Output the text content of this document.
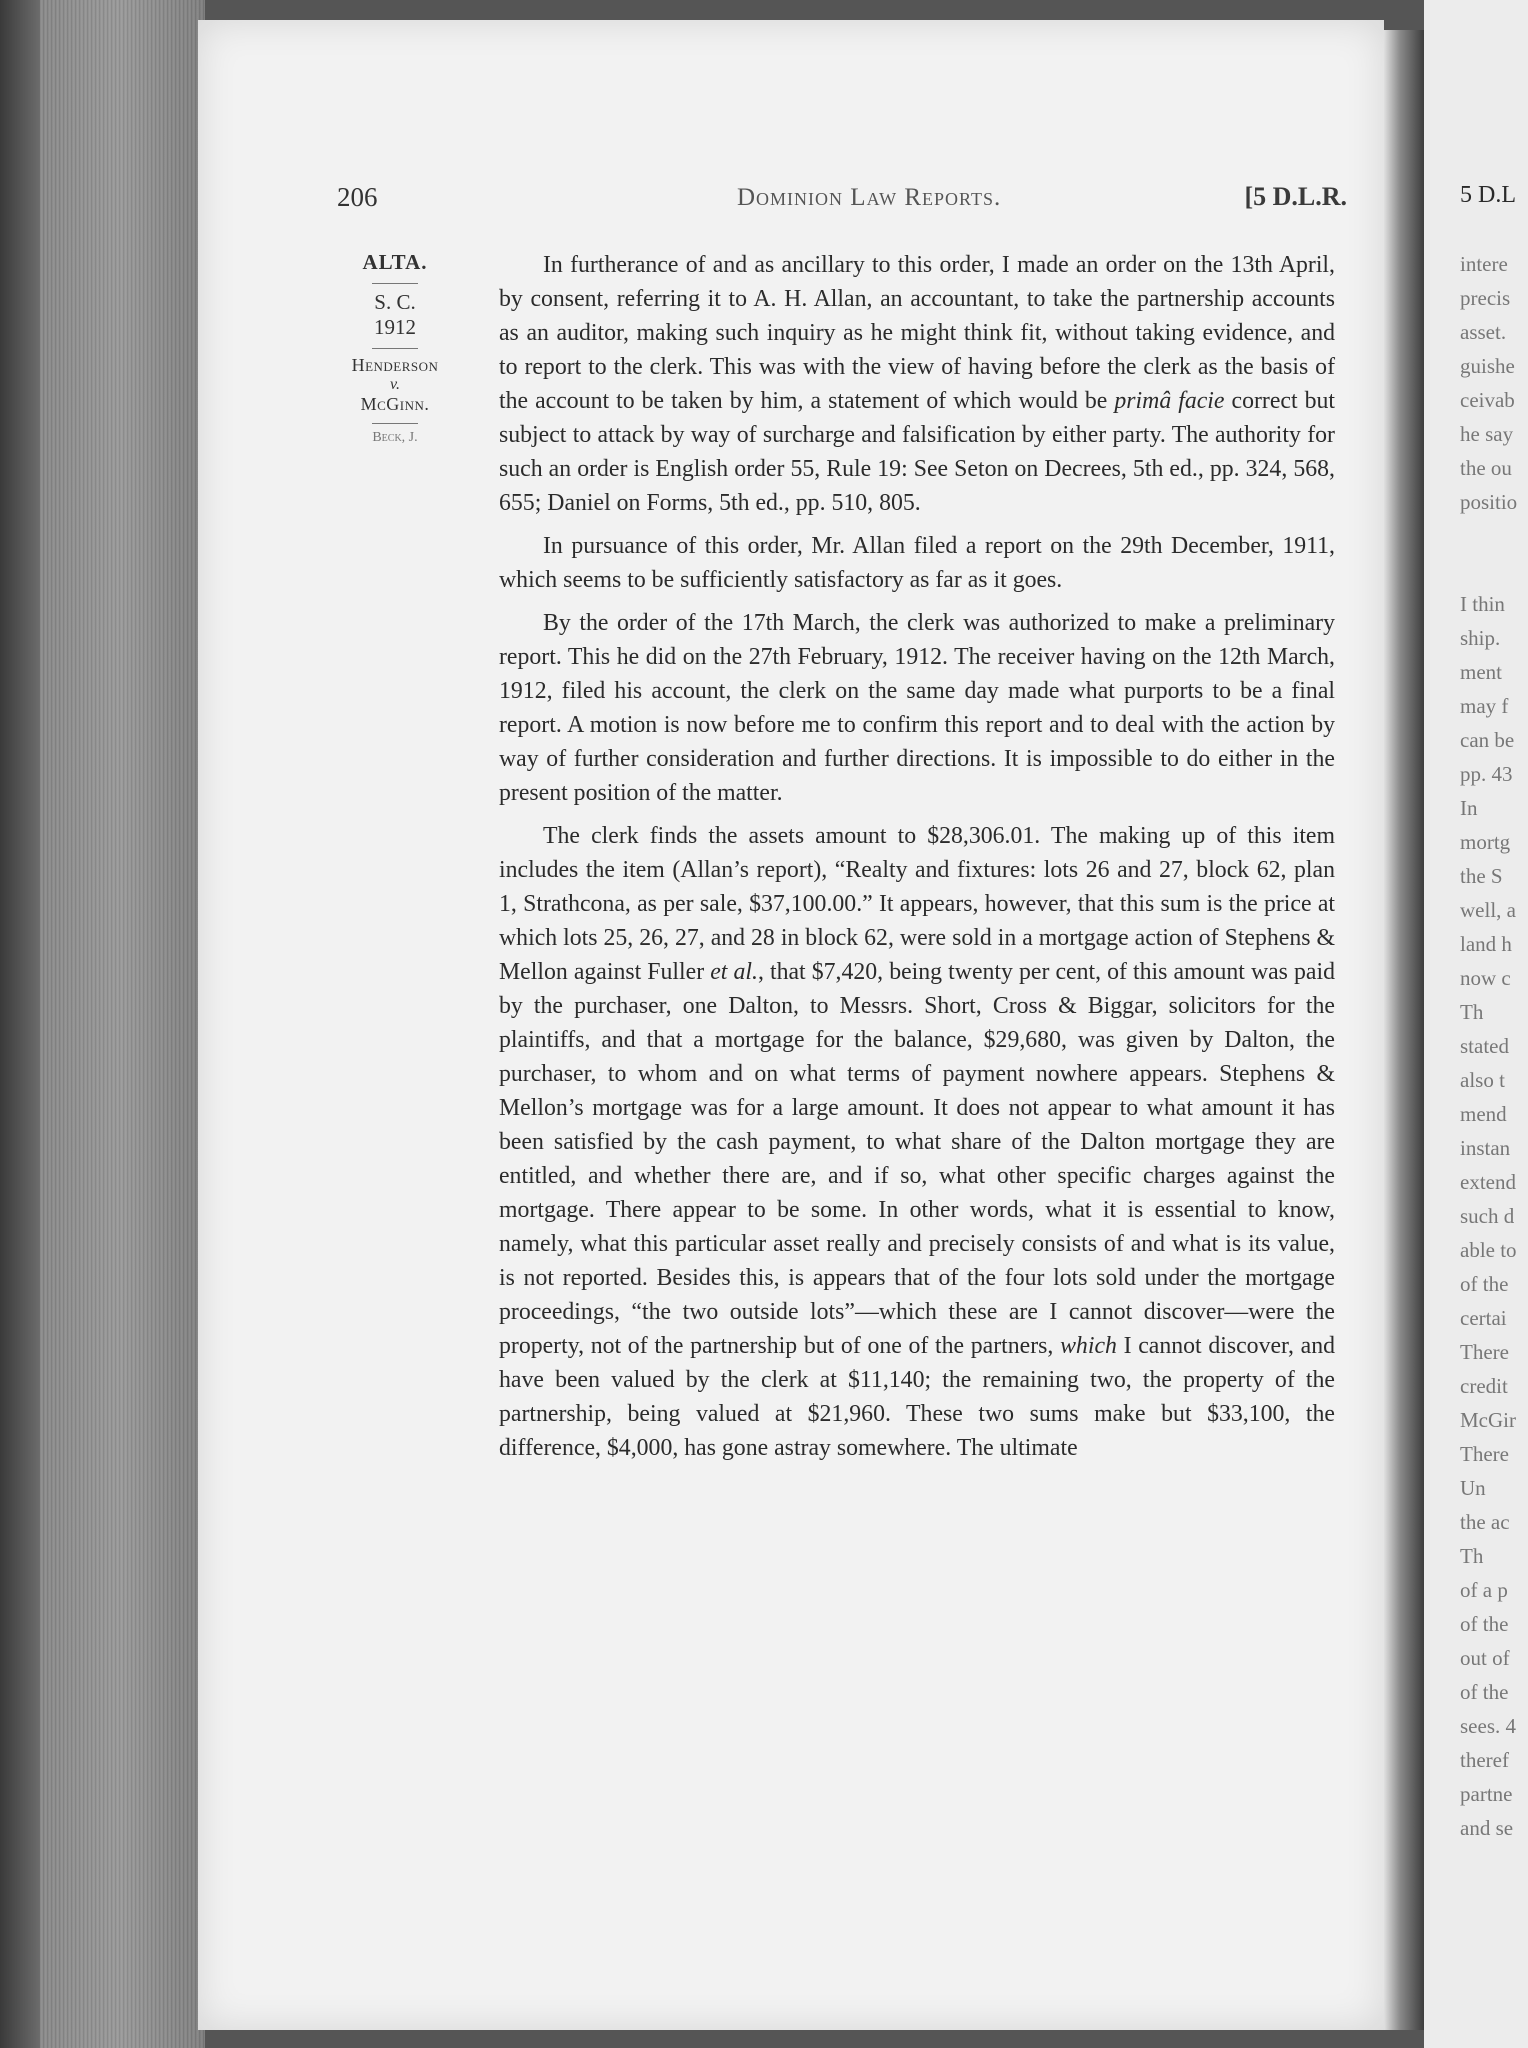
206	Dominion Law Reports.	[5 D.L.R.
ALTA.
S. C.
1912
Henderson
v.
McGinn.
Beck, J.

In furtherance of and as ancillary to this order, I made an order on the 13th April, by consent, referring it to A. H. Allan, an accountant, to take the partnership accounts as an auditor, making such inquiry as he might think fit, without taking evidence, and to report to the clerk. This was with the view of having before the clerk as the basis of the account to be taken by him, a statement of which would be primâ facie correct but subject to attack by way of surcharge and falsification by either party. The authority for such an order is English order 55, Rule 19: See Seton on Decrees, 5th ed., pp. 324, 568, 655; Daniel on Forms, 5th ed., pp. 510, 805.

In pursuance of this order, Mr. Allan filed a report on the 29th December, 1911, which seems to be sufficiently satisfactory as far as it goes.

By the order of the 17th March, the clerk was authorized to make a preliminary report. This he did on the 27th February, 1912. The receiver having on the 12th March, 1912, filed his account, the clerk on the same day made what purports to be a final report. A motion is now before me to confirm this report and to deal with the action by way of further consideration and further directions. It is impossible to do either in the present position of the matter.

The clerk finds the assets amount to $28,306.01. The making up of this item includes the item (Allan’s report), “Realty and fixtures: lots 26 and 27, block 62, plan 1, Strathcona, as per sale, $37,100.00.” It appears, however, that this sum is the price at which lots 25, 26, 27, and 28 in block 62, were sold in a mortgage action of Stephens & Mellon against Fuller et al., that $7,420, being twenty per cent, of this amount was paid by the purchaser, one Dalton, to Messrs. Short, Cross & Biggar, solicitors for the plaintiffs, and that a mortgage for the balance, $29,680, was given by Dalton, the purchaser, to whom and on what terms of payment nowhere appears. Stephens & Mellon’s mortgage was for a large amount. It does not appear to what amount it has been satisfied by the cash payment, to what share of the Dalton mortgage they are entitled, and whether there are, and if so, what other specific charges against the mortgage. There appear to be some. In other words, what it is essential to know, namely, what this particular asset really and precisely consists of and what is its value, is not reported. Besides this, is appears that of the four lots sold under the mortgage proceedings, “the two outside lots”—which these are I cannot discover—were the property, not of the partnership but of one of the partners, which I cannot discover, and have been valued by the clerk at $11,140; the remaining two, the property of the partnership, being valued at $21,960. These two sums make but $33,100, the difference, $4,000, has gone astray somewhere. The ultimate

5 D.L
intere
precis
asset.
guishe
ceivab
he say
the ou
positio
I thin
ship.
ment
may f
can be
pp. 43
In
mortg
the S
well, a
land h
now c
Th
stated
also t
mend
instan
extend
such d
able to
of the
certai
There
credit
McGir
There
Un
the ac
Th
of a p
of the
out of
of the
sees. 4
theref
partne
and se
